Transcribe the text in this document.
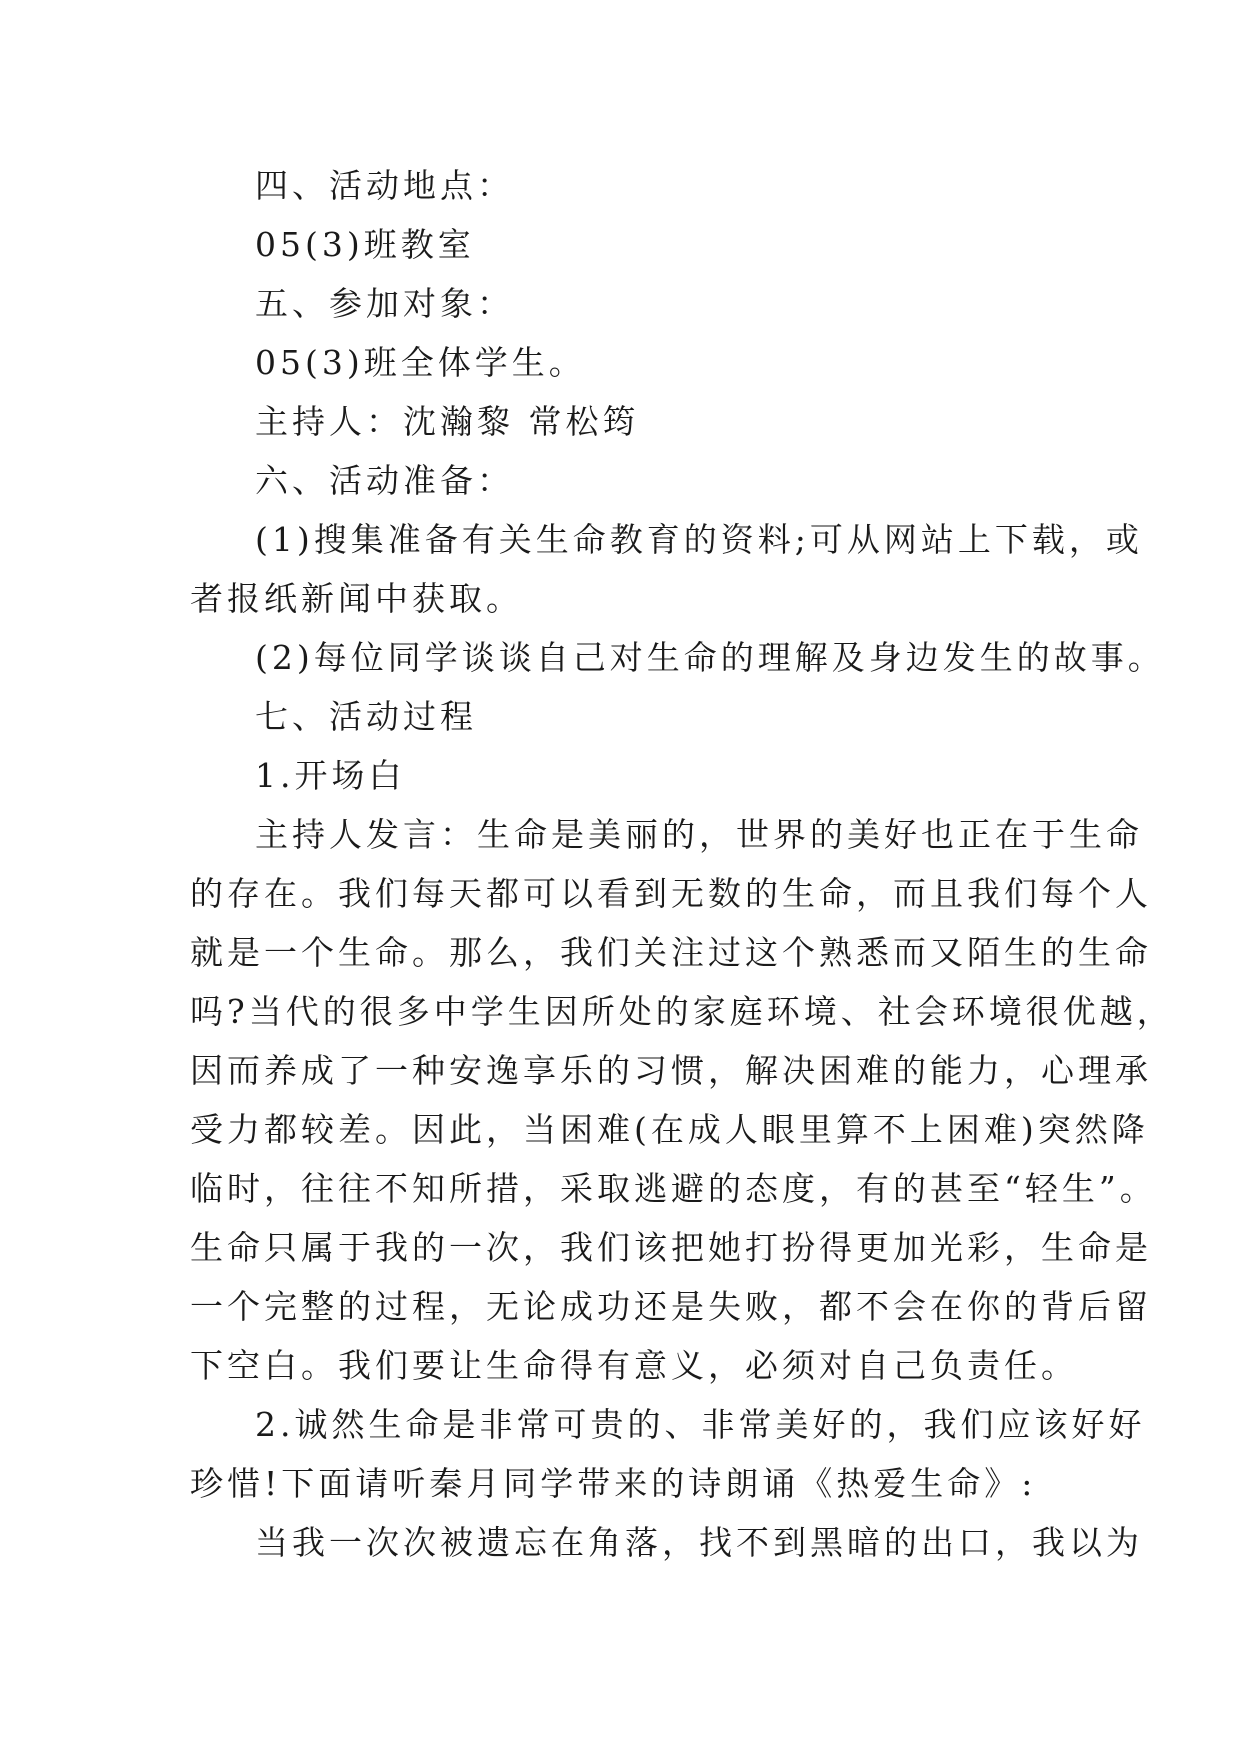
四、活动地点：
05(3)班教室
五、参加对象：
05(3)班全体学生。
主持人：沈瀚黎 常松筠
六、活动准备：
(1)搜集准备有关生命教育的资料;可从网站上下载，或
者报纸新闻中获取。
(2)每位同学谈谈自己对生命的理解及身边发生的故事。
七、活动过程
1.开场白
主持人发言：生命是美丽的，世界的美好也正在于生命
的存在。我们每天都可以看到无数的生命，而且我们每个人
就是一个生命。那么，我们关注过这个熟悉而又陌生的生命
吗?当代的很多中学生因所处的家庭环境、社会环境很优越，
因而养成了一种安逸享乐的习惯，解决困难的能力，心理承
受力都较差。因此，当困难(在成人眼里算不上困难)突然降
临时，往往不知所措，采取逃避的态度，有的甚至“轻生”。
生命只属于我的一次，我们该把她打扮得更加光彩，生命是
一个完整的过程，无论成功还是失败，都不会在你的背后留
下空白。我们要让生命得有意义，必须对自己负责任。
2.诚然生命是非常可贵的、非常美好的，我们应该好好
珍惜!下面请听秦月同学带来的诗朗诵《热爱生命》:
当我一次次被遗忘在角落，找不到黑暗的出口，我以为
